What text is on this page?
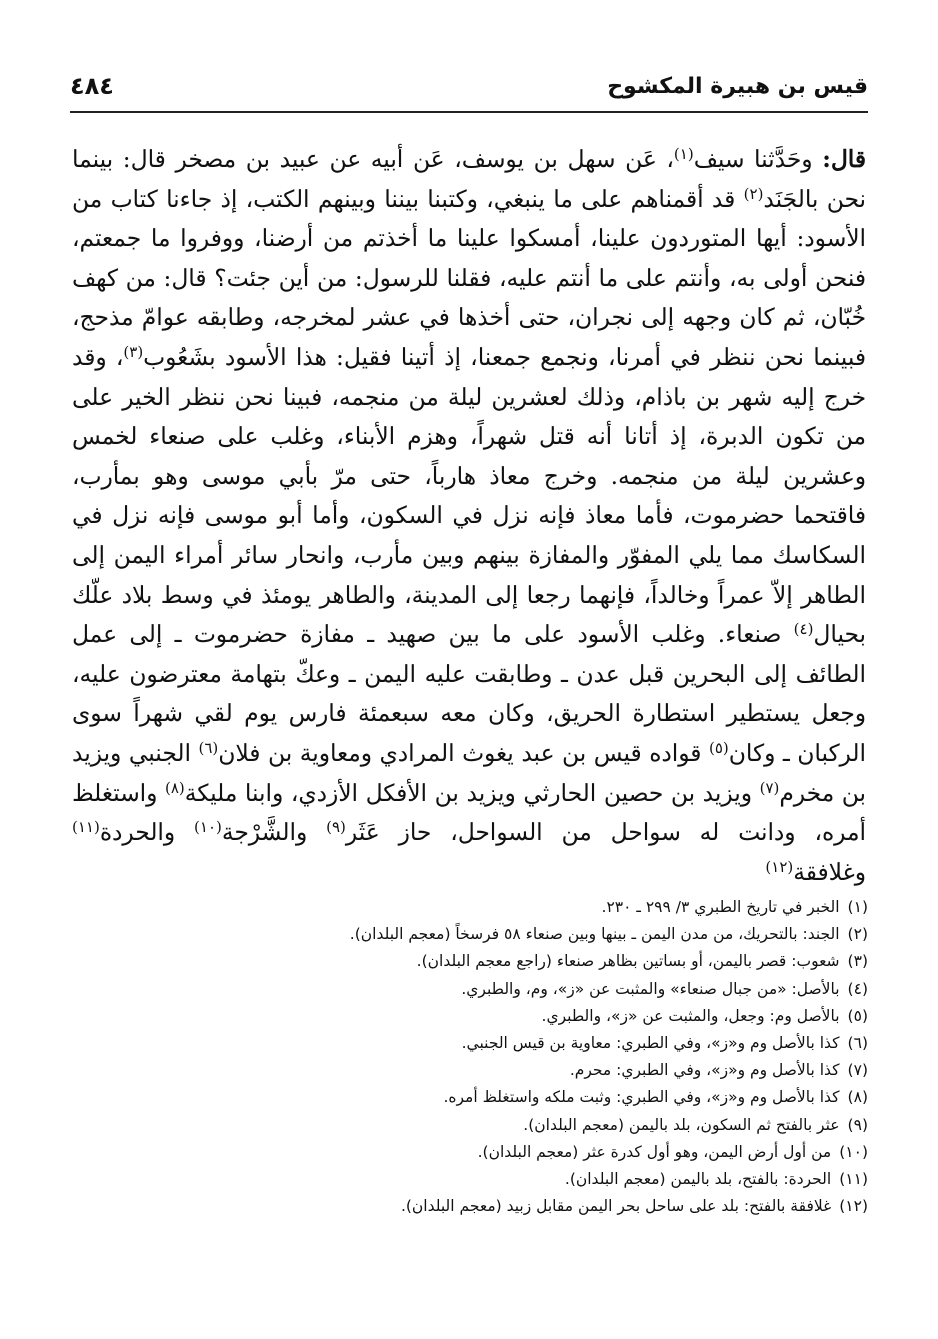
قيس بن هبيرة المكشوح
٤٨٤
قال: وحَدَّثنا سيف$^{(١)}$، عَن سهل بن يوسف، عَن أبيه عن عبيد بن مصخر قال: بينما نحن بالجَنَد$^{(٢)}$ قد أقمناهم على ما ينبغي، وكتبنا بيننا وبينهم الكتب، إذ جاءنا كتاب من الأسود: أيها المتوردون علينا، أمسكوا علينا ما أخذتم من أرضنا، ووفروا ما جمعتم، فنحن أولى به، وأنتم على ما أنتم عليه، فقلنا للرسول: من أين جئت؟ قال: من كهف خُبّان، ثم كان وجهه إلى نجران، حتى أخذها في عشر لمخرجه، وطابقه عوامّ مذحج، فبينما نحن ننظر في أمرنا، ونجمع جمعنا، إذ أتينا فقيل: هذا الأسود بشَعُوب$^{(٣)}$، وقد خرج إليه شهر بن باذام، وذلك لعشرين ليلة من منجمه، فبينا نحن ننظر الخير على من تكون الدبرة، إذ أتانا أنه قتل شهراً، وهزم الأبناء، وغلب على صنعاء لخمس وعشرين ليلة من منجمه. وخرج معاذ هارباً، حتى مرّ بأبي موسى وهو بمأرب، فاقتحما حضرموت، فأما معاذ فإنه نزل في السكون، وأما أبو موسى فإنه نزل في السكاسك مما يلي المفوّر والمفازة بينهم وبين مأرب، وانحار سائر أمراء اليمن إلى الطاهر إلاّ عمراً وخالداً، فإنهما رجعا إلى المدينة، والطاهر يومئذ في وسط بلاد علّك بحيال$^{(٤)}$ صنعاء. وغلب الأسود على ما بين صهيد ـ مفازة حضرموت ـ إلى عمل الطائف إلى البحرين قبل عدن ـ وطابقت عليه اليمن ـ وعكّ بتهامة معترضون عليه، وجعل يستطير استطارة الحريق، وكان معه سبعمئة فارس يوم لقي شهراً سوى الركبان ـ وكان$^{(٥)}$ قواده قيس بن عبد يغوث المرادي ومعاوية بن فلان$^{(٦)}$ الجنبي ويزيد بن مخرم$^{(٧)}$ ويزيد بن حصين الحارثي ويزيد بن الأفكل الأزدي، وابنا مليكة$^{(٨)}$ واستغلظ أمره، ودانت له سواحل من السواحل، حاز عَثَر$^{(٩)}$ والشَّرْجة$^{(١٠)}$ والحردة$^{(١١)}$ وغلافقة$^{(١٢)}$
(١)
الخبر في تاريخ الطبري ٣/ ٢٩٩ ـ ٢٣٠.
(٢)
الجند: بالتحريك، من مدن اليمن ـ بينها وبين صنعاء ٥٨ فرسخاً (معجم البلدان).
(٣)
شعوب: قصر باليمن، أو بساتين بظاهر صنعاء (راجع معجم البلدان).
(٤)
بالأصل: «من جبال صنعاء» والمثبت عن «ز»، وم، والطبري.
(٥)
بالأصل وم: وجعل، والمثبت عن «ز»، والطبري.
(٦)
كذا بالأصل وم و«ز»، وفي الطبري: معاوية بن قيس الجنبي.
(٧)
كذا بالأصل وم و«ز»، وفي الطبري: محرم.
(٨)
كذا بالأصل وم و«ز»، وفي الطبري: وثبت ملكه واستغلظ أمره.
(٩)
عثر بالفتح ثم السكون، بلد باليمن (معجم البلدان).
(١٠)
من أول أرض اليمن، وهو أول كدرة عثر (معجم البلدان).
(١١)
الحردة: بالفتح، بلد باليمن (معجم البلدان).
(١٢)
غلافقة بالفتح: بلد على ساحل بحر اليمن مقابل زبيد (معجم البلدان).
